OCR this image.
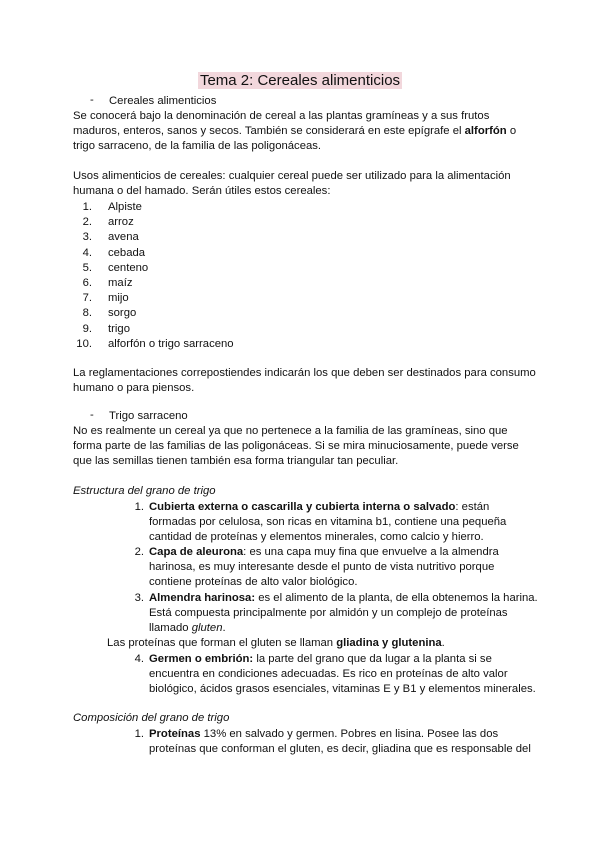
Tema 2: Cereales alimenticios
- Cereales alimenticios
Se conocerá bajo la denominación de cereal a las plantas gramíneas y a sus frutos
maduros, enteros, sanos y secos. También se considerará en este epígrafe el alforfón o
trigo sarraceno, de la familia de las poligonáceas.
Usos alimenticios de cereales: cualquier cereal puede ser utilizado para la alimentación
humana o del hamado. Serán útiles estos cereales:
1. Alpiste
2. arroz
3. avena
4. cebada
5. centeno
6. maíz
7. mijo
8. sorgo
9. trigo
10. alforfón o trigo sarraceno
La reglamentaciones correpostiendes indicarán los que deben ser destinados para consumo
humano o para piensos.
- Trigo sarraceno
No es realmente un cereal ya que no pertenece a la familia de las gramíneas, sino que
forma parte de las familias de las poligonáceas. Si se mira minuciosamente, puede verse
que las semillas tienen también esa forma triangular tan peculiar.
Estructura del grano de trigo
1. Cubierta externa o cascarilla y cubierta interna o salvado: están
formadas por celulosa, son ricas en vitamina b1, contiene una pequeña
cantidad de proteínas y elementos minerales, como calcio y hierro.
2. Capa de aleurona: es una capa muy fina que envuelve a la almendra
harinosa, es muy interesante desde el punto de vista nutritivo porque
contiene proteínas de alto valor biológico.
3. Almendra harinosa: es el alimento de la planta, de ella obtenemos la harina.
Está compuesta principalmente por almidón y un complejo de proteínas
llamado gluten.
Las proteínas que forman el gluten se llaman gliadina y glutenina.
4. Germen o embrión: la parte del grano que da lugar a la planta si se
encuentra en condiciones adecuadas. Es rico en proteínas de alto valor
biológico, ácidos grasos esenciales, vitaminas E y B1 y elementos minerales.
Composición del grano de trigo
1. Proteínas 13% en salvado y germen. Pobres en lisina. Posee las dos
proteínas que conforman el gluten, es decir, gliadina que es responsable del
